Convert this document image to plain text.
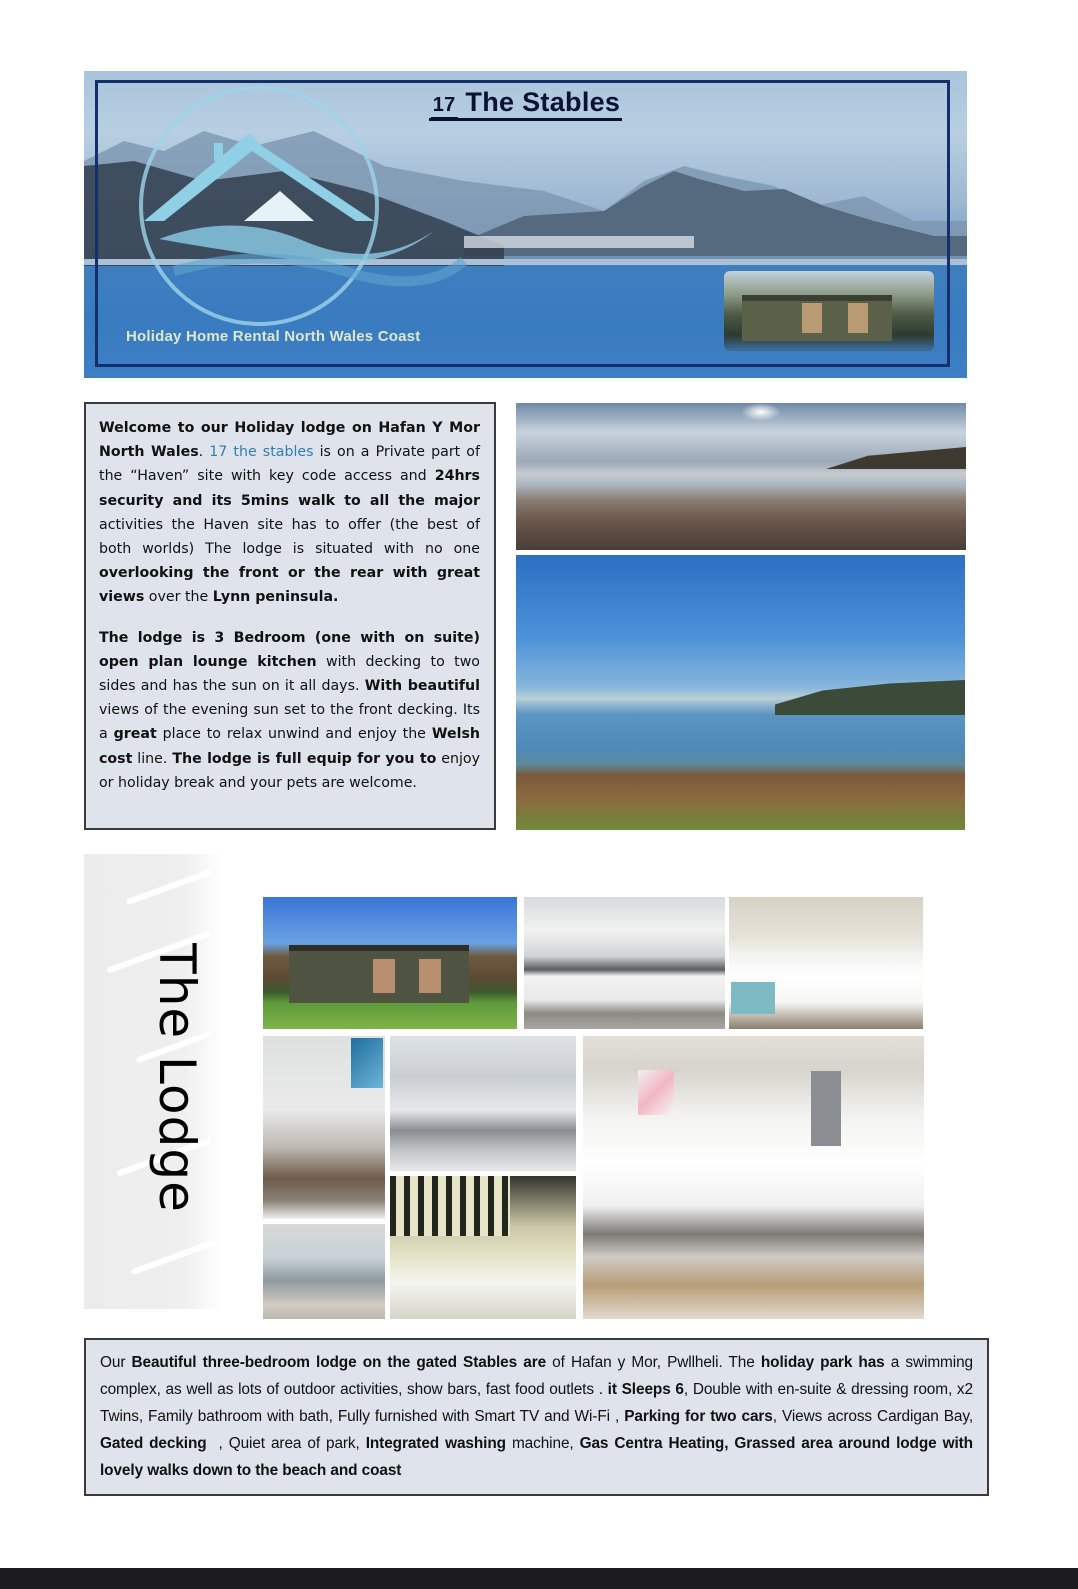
17 The Stables
Holiday Home Rental North Wales Coast

Welcome to our Holiday lodge on Hafan Y Mor North Wales. 17 the stables is on a Private part of the “Haven” site with key code access and 24hrs security and its 5mins walk to all the major activities the Haven site has to offer (the best of both worlds) The lodge is situated with no one overlooking the front or the rear with great views over the Lynn peninsula.

The lodge is 3 Bedroom (one with on suite) open plan lounge kitchen with decking to two sides and has the sun on it all days. With beautiful views of the evening sun set to the front decking. Its a great place to relax unwind and enjoy the Welsh cost line. The lodge is full equip for you to enjoy or holiday break and your pets are welcome.

The Lodge
Our Beautiful three-bedroom lodge on the gated Stables are of Hafan y Mor, Pwllheli. The holiday park has a swimming complex, as well as lots of outdoor activities, show bars, fast food outlets . it Sleeps 6, Double with en-suite & dressing room, x2 Twins, Family bathroom with bath, Fully furnished with Smart TV and Wi-Fi , Parking for two cars, Views across Cardigan Bay, Gated decking  , Quiet area of park, Integrated washing machine, Gas Centra Heating, Grassed area around lodge with lovely walks down to the beach and coast
